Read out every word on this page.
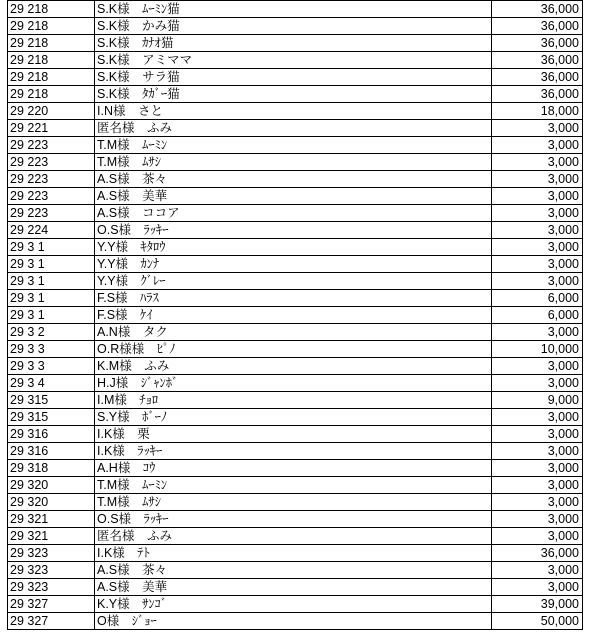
29 218	S.K様　ﾑｰﾐﾝ猫	36,000
29 218	S.K様　かみ猫	36,000
29 218	S.K様　ｶﾅｵ猫	36,000
29 218	S.K様　アミママ	36,000
29 218	S.K様　サラ猫	36,000
29 218	S.K様　ﾀｶﾞｰ猫	36,000
29 220	I.N様　さと	18,000
29 221	匿名様　ふみ	3,000
29 223	T.M様　ﾑｰﾐﾝ	3,000
29 223	T.M様　ﾑｻｼ	3,000
29 223	A.S様　茶々	3,000
29 223	A.S様　美華	3,000
29 223	A.S様　ココア	3,000
29 224	O.S様　ﾗｯｷｰ	3,000
29 3 1	Y.Y様　ｷﾀﾛｳ	3,000
29 3 1	Y.Y様　ｶﾝﾅ	3,000
29 3 1	Y.Y様　ｸﾞﾚｰ	3,000
29 3 1	F.S様　ﾊﾗｽ	6,000
29 3 1	F.S様　ｹｲ	6,000
29 3 2	A.N様　タク	3,000
29 3 3	O.R様様　ﾋﾟﾉ	10,000
29 3 3	K.M様　ふみ	3,000
29 3 4	H.J様　ｼﾞｬﾝﾎﾞ	3,000
29 315	I.M様　ﾁｮﾛ	9,000
29 315	S.Y様　ﾎﾞｰﾉ	3,000
29 316	I.K様　栗	3,000
29 316	I.K様　ﾗｯｷｰ	3,000
29 318	A.H様　ｺｳ	3,000
29 320	T.M様　ﾑｰﾐﾝ	3,000
29 320	T.M様　ﾑｻｼ	3,000
29 321	O.S様　ﾗｯｷｰ	3,000
29 321	匿名様　ふみ	3,000
29 323	I.K様　ﾃﾄ	36,000
29 323	A.S様　茶々	3,000
29 323	A.S様　美華	3,000
29 327	K.Y様　ｻﾝｺﾞ	39,000
29 327	O様　ｼﾞｮｰ	50,000
